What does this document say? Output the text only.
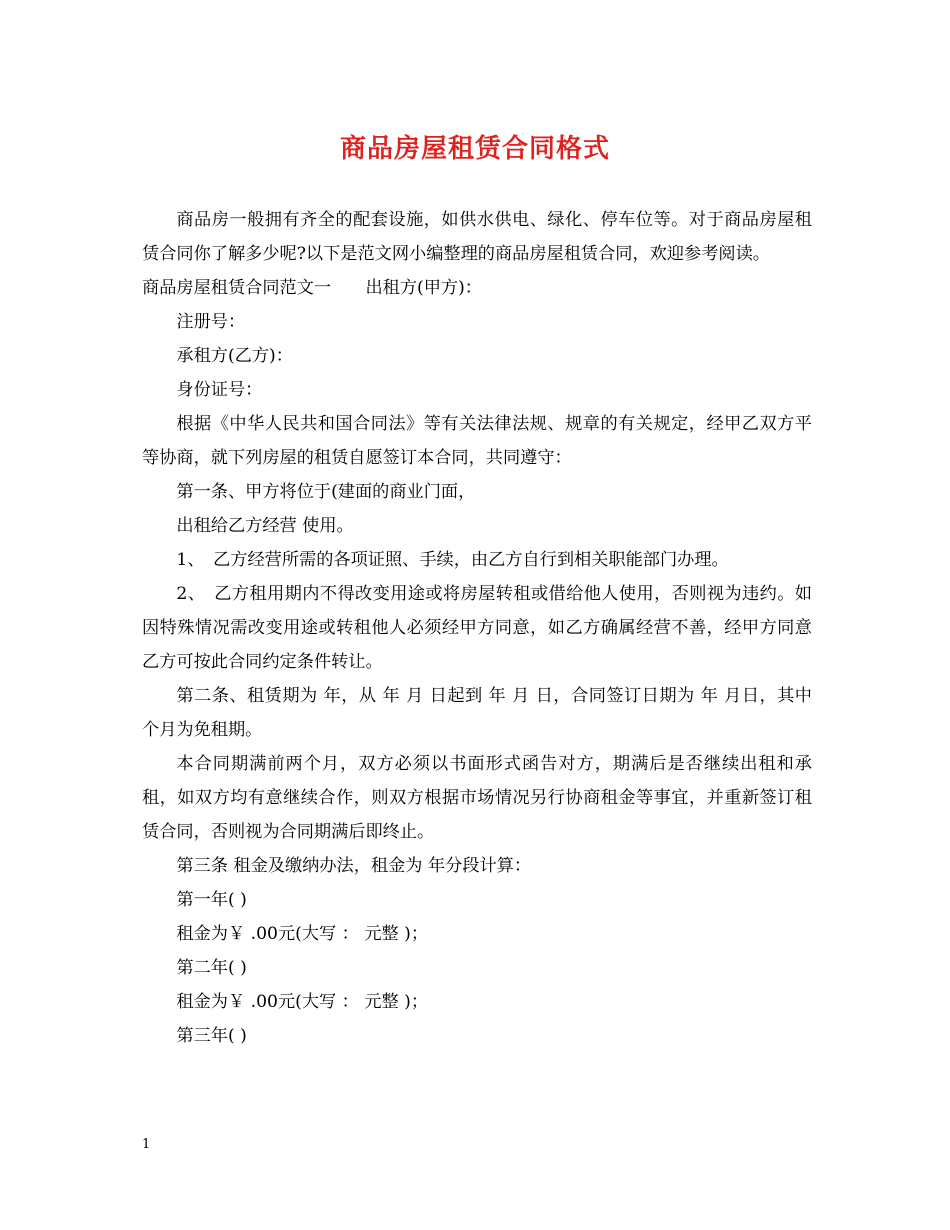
商品房屋租赁合同格式

商品房一般拥有齐全的配套设施，如供水供电、绿化、停车位等。对于商品房屋租赁合同你了解多少呢?以下是范文网小编整理的商品房屋租赁合同，欢迎参考阅读。

商品房屋租赁合同范文一　　出租方(甲方)：

注册号：

承租方(乙方)：

身份证号：

根据《中华人民共和国合同法》等有关法律法规、规章的有关规定，经甲乙双方平等协商，就下列房屋的租赁自愿签订本合同，共同遵守：

第一条、甲方将位于(建面的商业门面，

出租给乙方经营 使用。

1、　乙方经营所需的各项证照、手续，由乙方自行到相关职能部门办理。

2、　乙方租用期内不得改变用途或将房屋转租或借给他人使用，否则视为违约。如因特殊情况需改变用途或转租他人必须经甲方同意，如乙方确属经营不善，经甲方同意乙方可按此合同约定条件转让。

第二条、租赁期为 年，从 年 月 日起到 年 月 日，合同签订日期为 年 月日，其中 个月为免租期。

本合同期满前两个月，双方必须以书面形式函告对方，期满后是否继续出租和承租，如双方均有意继续合作，则双方根据市场情况另行协商租金等事宜，并重新签订租赁合同，否则视为合同期满后即终止。

第三条 租金及缴纳办法，租金为 年分段计算：

第一年( )

租金为￥ .00元(大写 ： 元整 )；

第二年( )

租金为￥ .00元(大写 ： 元整 )；

第三年( )

1
